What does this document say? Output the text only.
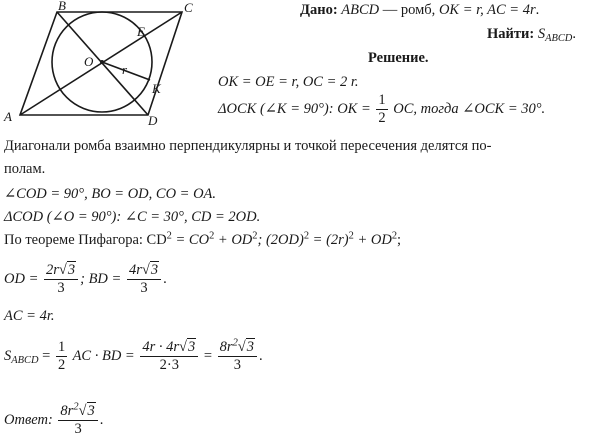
A
B	C
D
E
K
O
r
Дано: ABCD — ромб, OK = r, AC = 4r.
Найти: $S_{ABCD}$.
Решение.
OK = OE = r, OC = 2 r.
ΔOCK (∠K = 90°): OK = $\frac{1}{2}$ OC, тогда ∠OCK = 30°.
Диагонали ромба взаимно перпендикулярны и точкой пересечения делятся по-
полам.
∠COD = 90°, BO = OD, CO = OA.
ΔCOD (∠O = 90°): ∠C = 30°, CD = 2OD.
По теореме Пифагора: $CD^2 = CO^2 + OD^2$; $(2OD)^2 = (2r)^2 + OD^2$;
OD = $\frac{2r√3}{3}$ ; BD = $\frac{4r√3}{3}$ .
AC = 4r.
$S_{ABCD} = \frac{1}{2}$ AC · BD = $\frac{4r \cdot 4r√3}{2\cdot 3} = \frac{8r^2√3}{3}$ .
Ответ: $\frac{8r^2√3}{3}$ .
